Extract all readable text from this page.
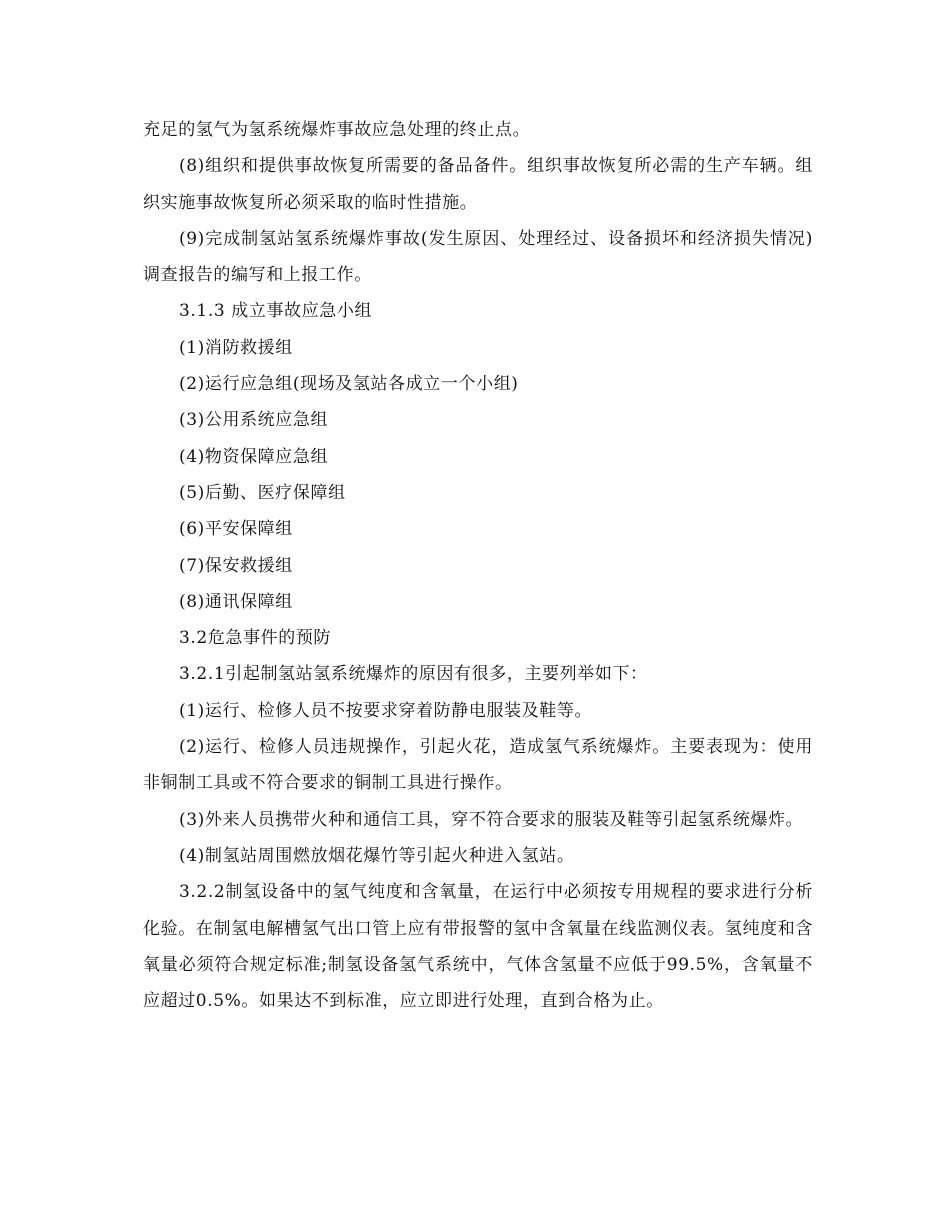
充足的氢气为氢系统爆炸事故应急处理的终止点。

(8)组织和提供事故恢复所需要的备品备件。组织事故恢复所必需的生产车辆。组织实施事故恢复所必须采取的临时性措施。

(9)完成制氢站氢系统爆炸事故(发生原因、处理经过、设备损坏和经济损失情况)调查报告的编写和上报工作。

3.1.3 成立事故应急小组

(1)消防救援组

(2)运行应急组(现场及氢站各成立一个小组)

(3)公用系统应急组

(4)物资保障应急组

(5)后勤、医疗保障组

(6)平安保障组

(7)保安救援组

(8)通讯保障组

3.2危急事件的预防

3.2.1引起制氢站氢系统爆炸的原因有很多，主要列举如下：

(1)运行、检修人员不按要求穿着防静电服装及鞋等。

(2)运行、检修人员违规操作，引起火花，造成氢气系统爆炸。主要表现为：使用非铜制工具或不符合要求的铜制工具进行操作。

(3)外来人员携带火种和通信工具，穿不符合要求的服装及鞋等引起氢系统爆炸。

(4)制氢站周围燃放烟花爆竹等引起火种进入氢站。

3.2.2制氢设备中的氢气纯度和含氧量，在运行中必须按专用规程的要求进行分析化验。在制氢电解槽氢气出口管上应有带报警的氢中含氧量在线监测仪表。氢纯度和含氧量必须符合规定标准;制氢设备氢气系统中，气体含氢量不应低于99.5%，含氧量不应超过0.5%。如果达不到标准，应立即进行处理，直到合格为止。
